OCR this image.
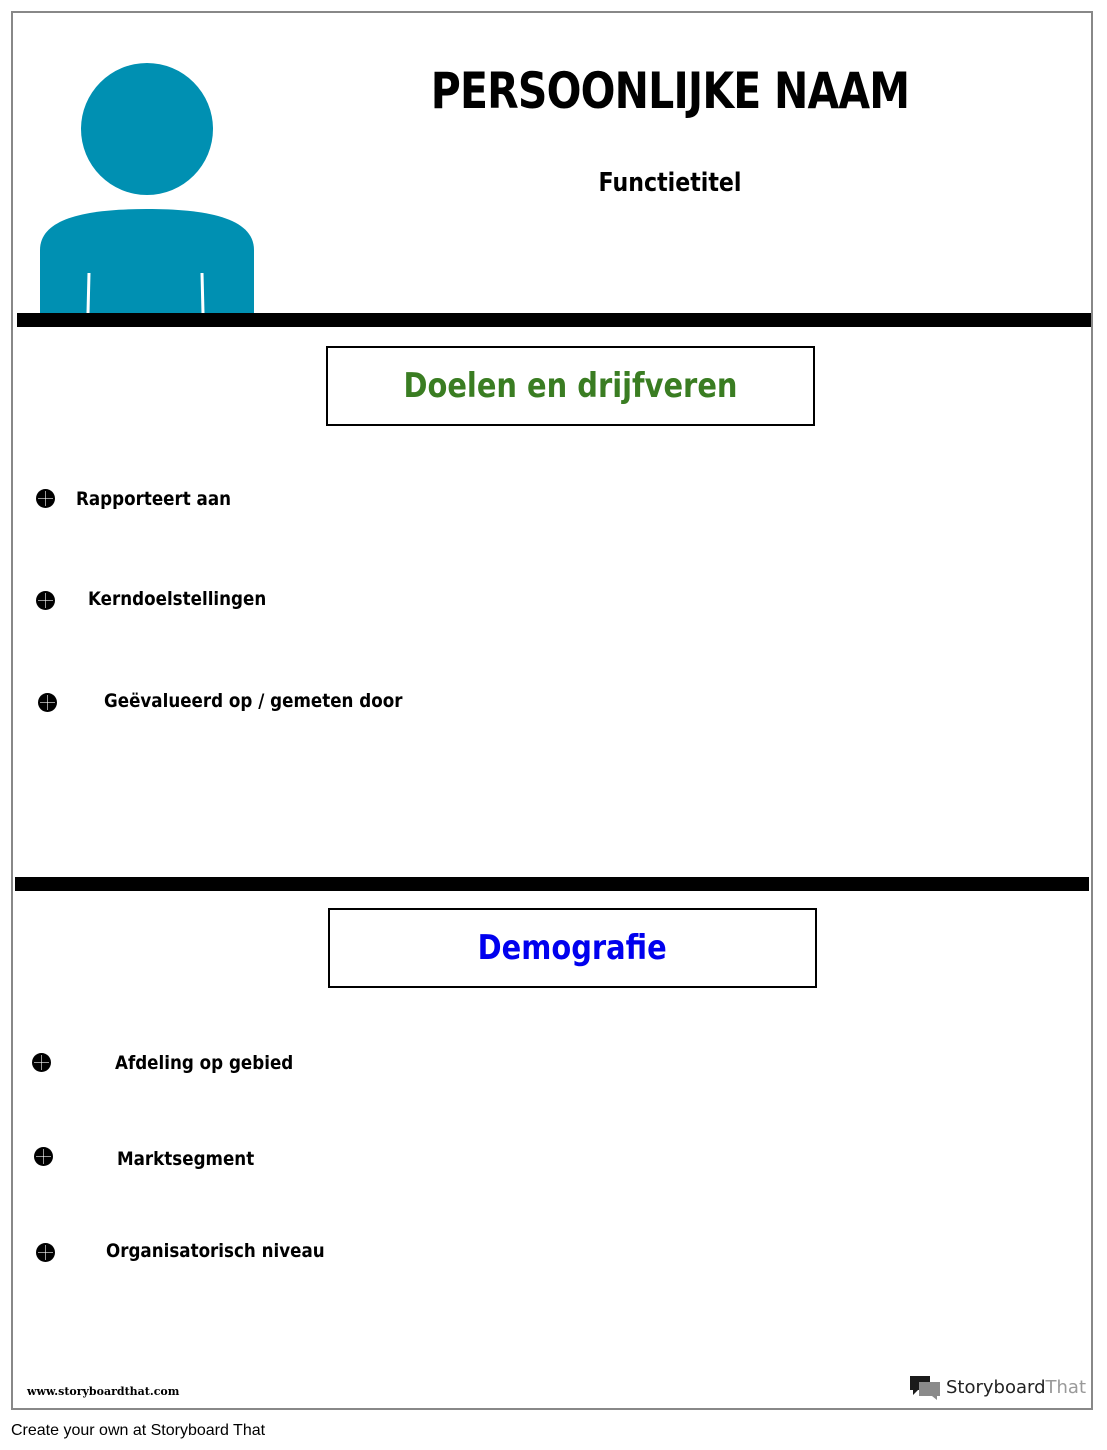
PERSOONLIJKE NAAM
Functietitel
Doelen en drijfveren
Rapporteert aan
Kerndoelstellingen
Geëvalueerd op / gemeten door
Demografie
Afdeling op gebied
Marktsegment
Organisatorisch niveau
www.storyboardthat.com	StoryboardThat
Create your own at Storyboard That
